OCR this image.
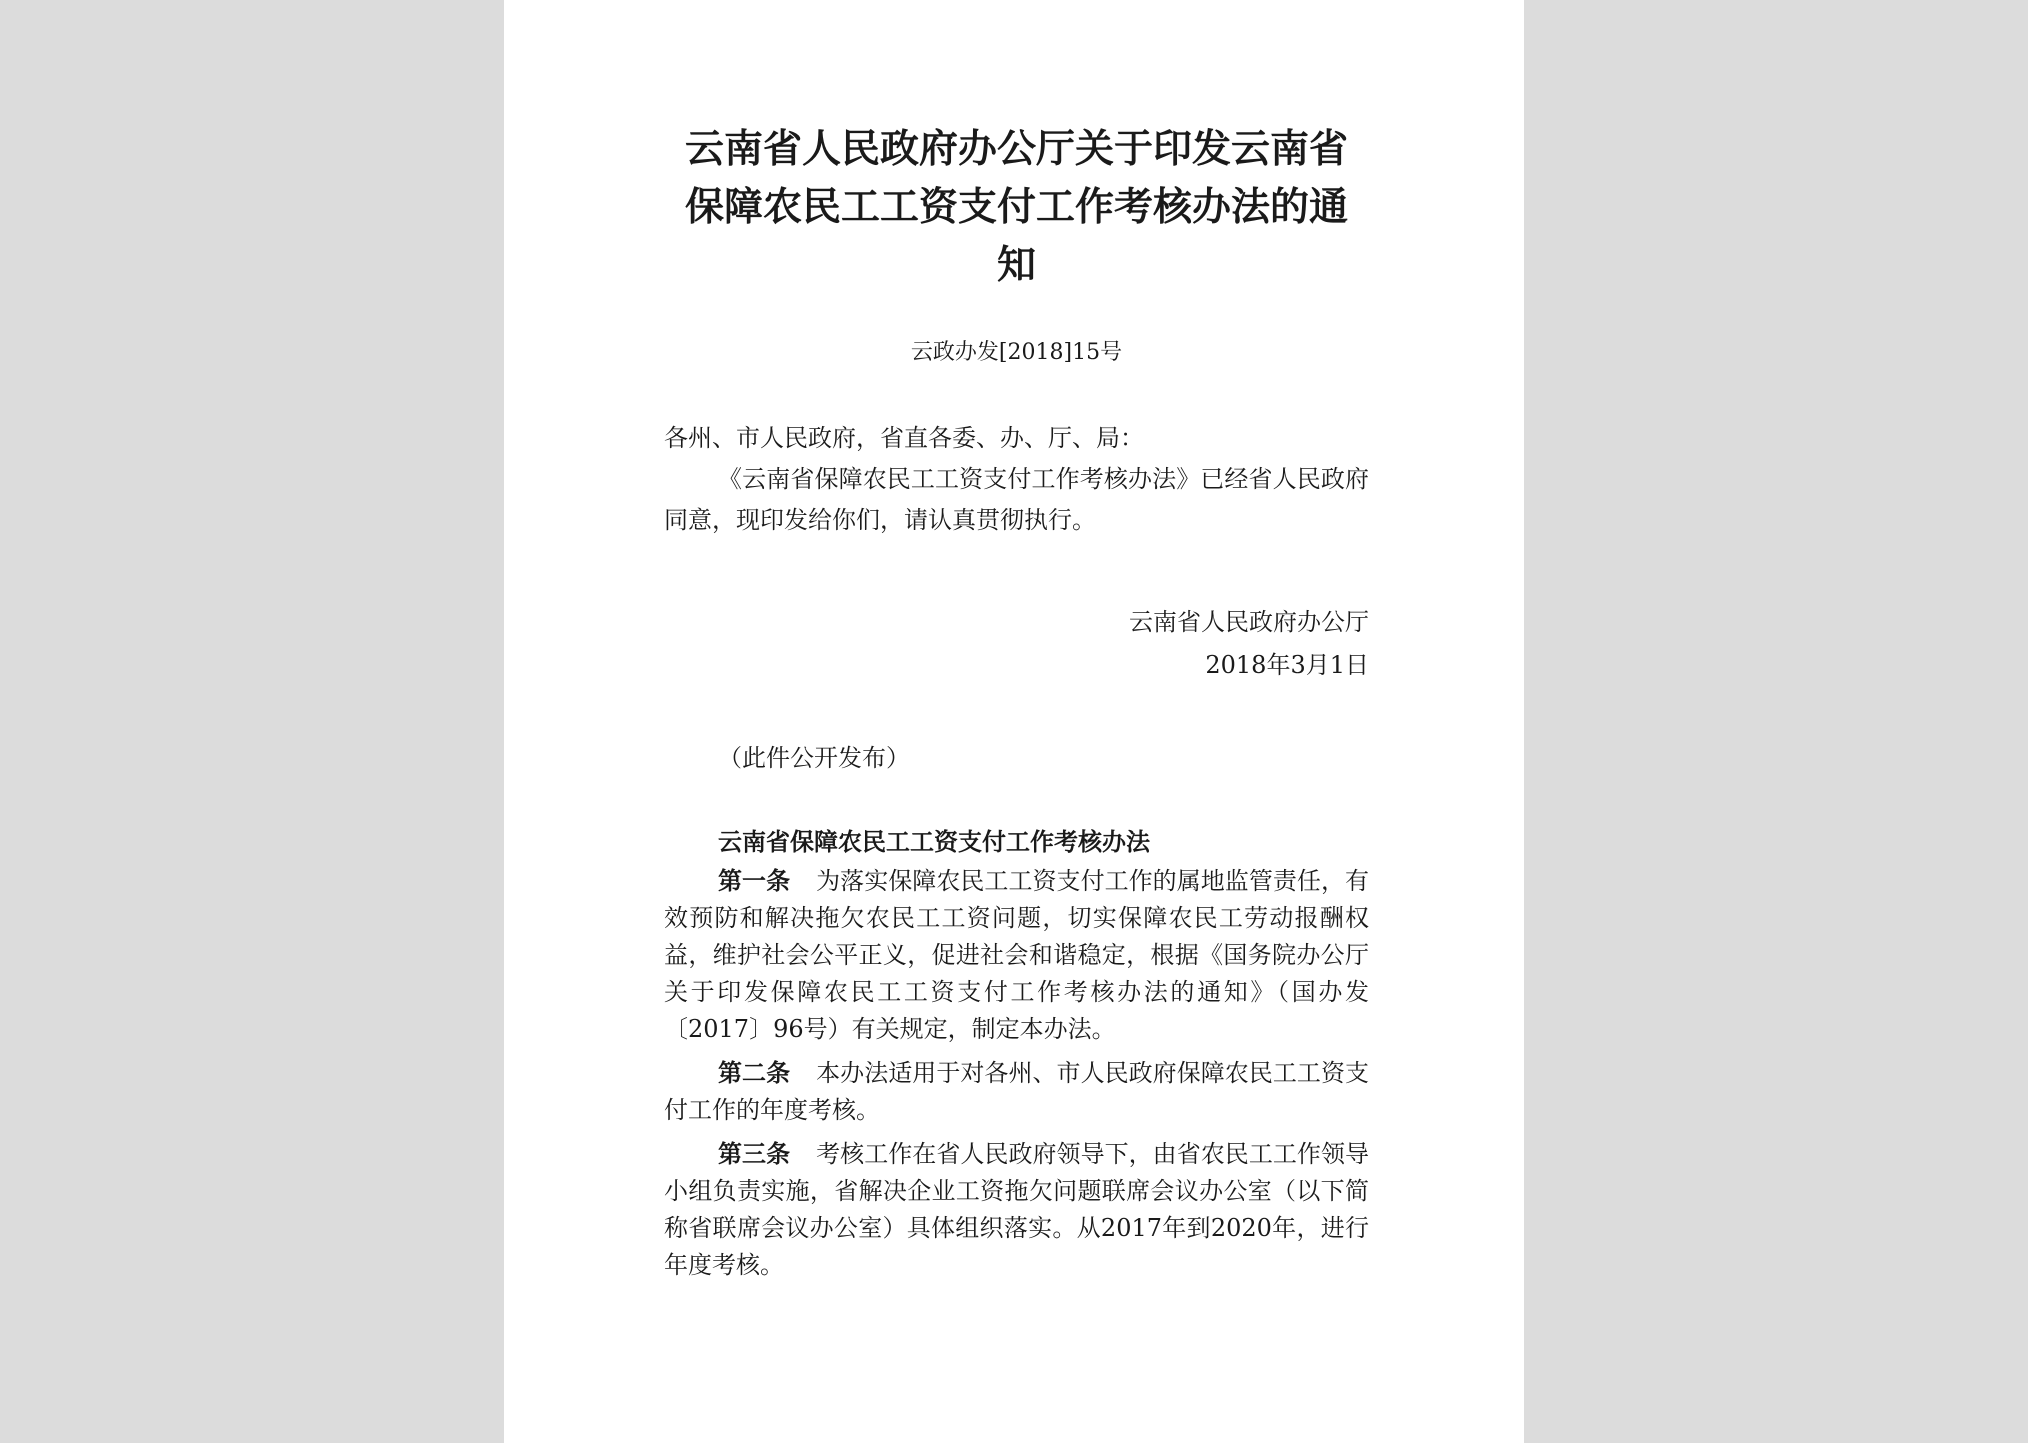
云南省人民政府办公厅关于印发云南省
保障农民工工资支付工作考核办法的通
知
云政办发[2018]15号
各州、市人民政府，省直各委、办、厅、局：
《云南省保障农民工工资支付工作考核办法》已经省人民政府同意，现印发给你们，请认真贯彻执行。
云南省人民政府办公厅
2018年3月1日
（此件公开发布）
云南省保障农民工工资支付工作考核办法
第一条 为落实保障农民工工资支付工作的属地监管责任，有效预防和解决拖欠农民工工资问题，切实保障农民工劳动报酬权益，维护社会公平正义，促进社会和谐稳定，根据《国务院办公厅关于印发保障农民工工资支付工作考核办法的通知》（国办发〔2017〕96号）有关规定，制定本办法。
第二条 本办法适用于对各州、市人民政府保障农民工工资支付工作的年度考核。
第三条 考核工作在省人民政府领导下，由省农民工工作领导小组负责实施，省解决企业工资拖欠问题联席会议办公室（以下简称省联席会议办公室）具体组织落实。从2017年到2020年，进行年度考核。
